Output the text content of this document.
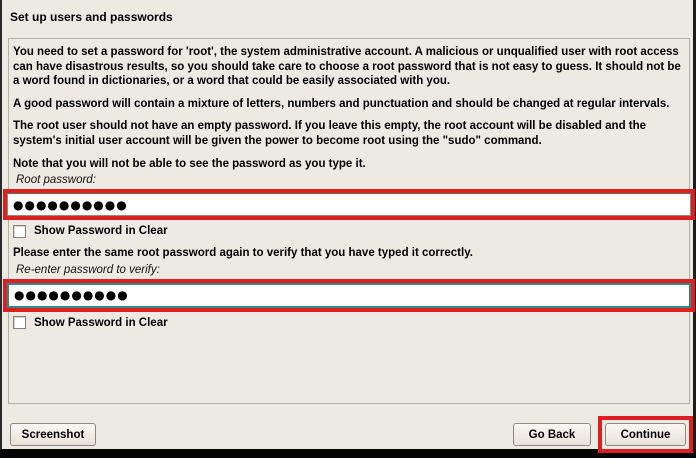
Set up users and passwords
You need to set a password for 'root', the system administrative account. A malicious or unqualified user with root access can have disastrous results, so you should take care to choose a root password that is not easy to guess. It should not be a word found in dictionaries, or a word that could be easily associated with you.
A good password will contain a mixture of letters, numbers and punctuation and should be changed at regular intervals.
The root user should not have an empty password. If you leave this empty, the root account will be disabled and the system's initial user account will be given the power to become root using the "sudo" command.
Note that you will not be able to see the password as you type it.
Root password:
●●●●●●●●●●
Show Password in Clear
Please enter the same root password again to verify that you have typed it correctly.
Re-enter password to verify:
●●●●●●●●●●
Show Password in Clear
Screenshot	Go Back	Continue
